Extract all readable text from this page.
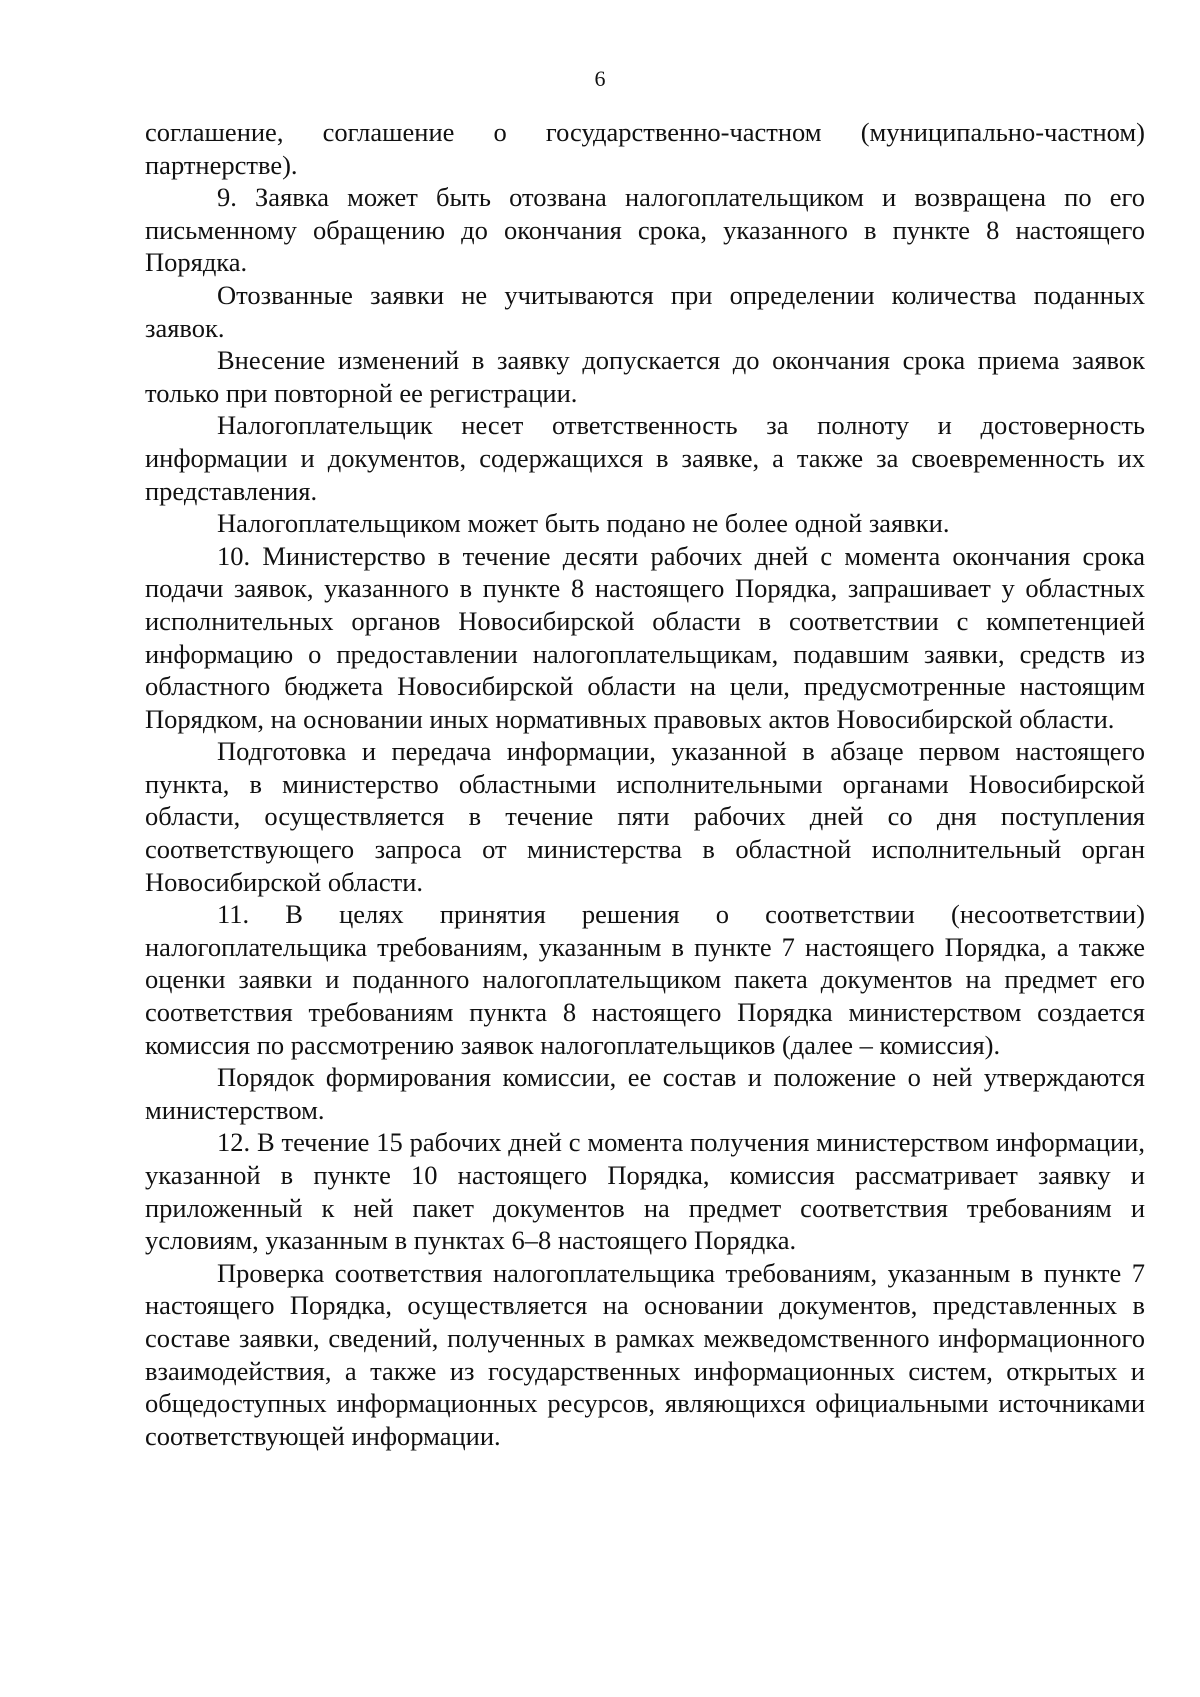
6

соглашение, соглашение о государственно-частном (муниципально-частном) партнерстве).

9. Заявка может быть отозвана налогоплательщиком и возвращена по его письменному обращению до окончания срока, указанного в пункте 8 настоящего Порядка.

Отозванные заявки не учитываются при определении количества поданных заявок.

Внесение изменений в заявку допускается до окончания срока приема заявок только при повторной ее регистрации.

Налогоплательщик несет ответственность за полноту и достоверность информации и документов, содержащихся в заявке, а также за своевременность их представления.

Налогоплательщиком может быть подано не более одной заявки.

10. Министерство в течение десяти рабочих дней с момента окончания срока подачи заявок, указанного в пункте 8 настоящего Порядка, запрашивает у областных исполнительных органов Новосибирской области в соответствии с компетенцией информацию о предоставлении налогоплательщикам, подавшим заявки, средств из областного бюджета Новосибирской области на цели, предусмотренные настоящим Порядком, на основании иных нормативных правовых актов Новосибирской области.

Подготовка и передача информации, указанной в абзаце первом настоящего пункта, в министерство областными исполнительными органами Новосибирской области, осуществляется в течение пяти рабочих дней со дня поступления соответствующего запроса от министерства в областной исполнительный орган Новосибирской области.

11. В целях принятия решения о соответствии (несоответствии) налогоплательщика требованиям, указанным в пункте 7 настоящего Порядка, а также оценки заявки и поданного налогоплательщиком пакета документов на предмет его соответствия требованиям пункта 8 настоящего Порядка министерством создается комиссия по рассмотрению заявок налогоплательщиков (далее – комиссия).

Порядок формирования комиссии, ее состав и положение о ней утверждаются министерством.

12. В течение 15 рабочих дней с момента получения министерством информации, указанной в пункте 10 настоящего Порядка, комиссия рассматривает заявку и приложенный к ней пакет документов на предмет соответствия требованиям и условиям, указанным в пунктах 6–8 настоящего Порядка.

Проверка соответствия налогоплательщика требованиям, указанным в пункте 7 настоящего Порядка, осуществляется на основании документов, представленных в составе заявки, сведений, полученных в рамках межведомственного информационного взаимодействия, а также из государственных информационных систем, открытых и общедоступных информационных ресурсов, являющихся официальными источниками соответствующей информации.
